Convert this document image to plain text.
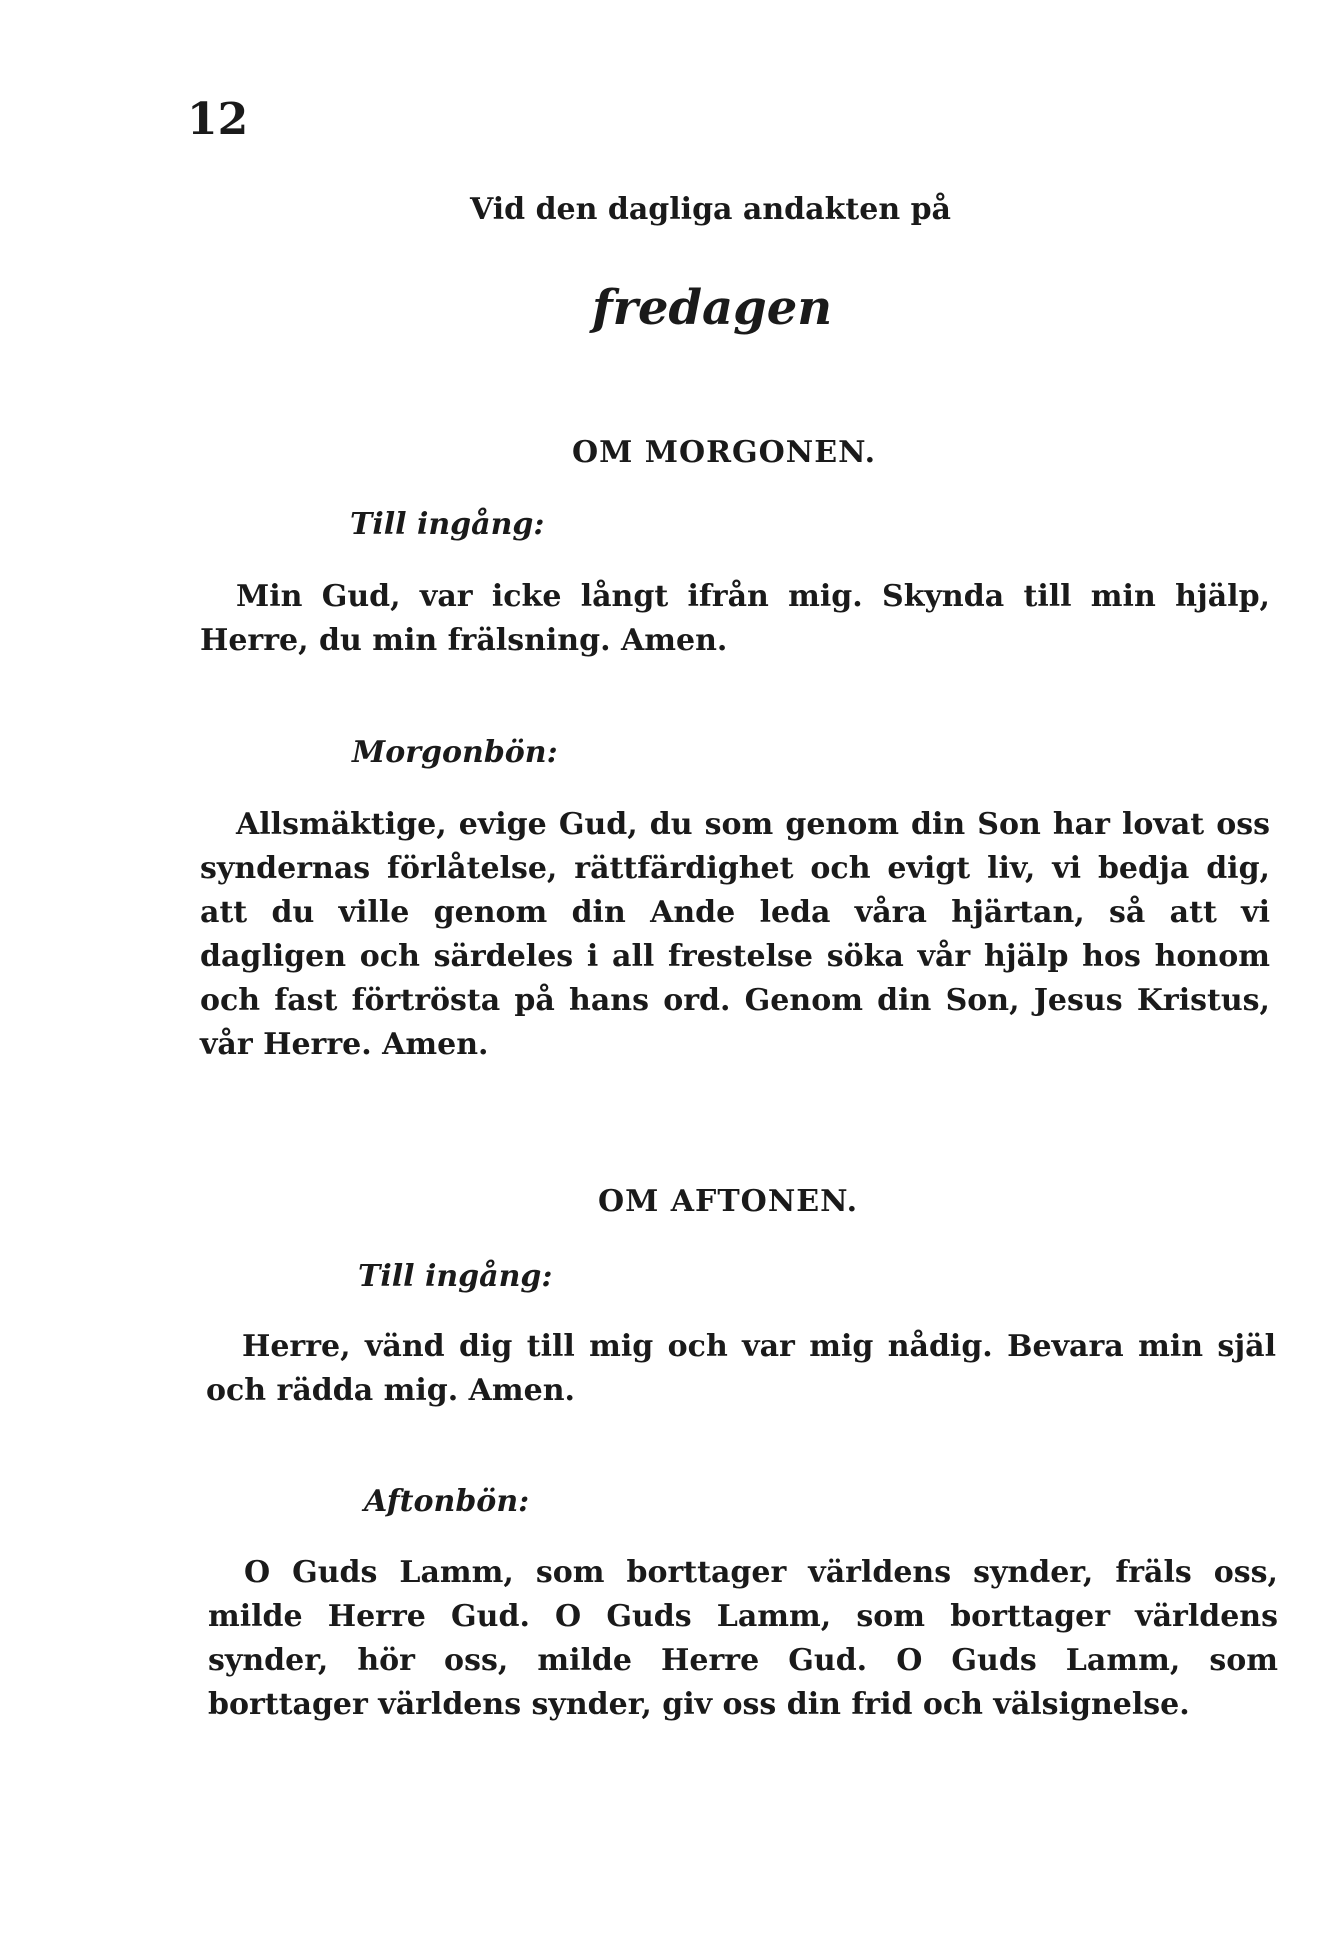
12
Vid den dagliga andakten på
fredagen
OM MORGONEN.
Till ingång:
Min Gud, var icke långt ifrån mig. Skynda till min hjälp, Herre, du min frälsning. Amen.
Morgonbön:
Allsmäktige, evige Gud, du som genom din Son har lovat oss syndernas förlåtelse, rättfärdighet och evigt liv, vi bedja dig, att du ville genom din Ande leda våra hjärtan, så att vi dagligen och särdeles i all frestelse söka vår hjälp hos honom och fast förtrösta på hans ord. Genom din Son, Jesus Kristus, vår Herre. Amen.
OM AFTONEN.
Till ingång:
Herre, vänd dig till mig och var mig nådig. Bevara min själ och rädda mig. Amen.
Aftonbön:
O Guds Lamm, som borttager världens synder, fräls oss, milde Herre Gud. O Guds Lamm, som borttager världens synder, hör oss, milde Herre Gud. O Guds Lamm, som borttager världens synder, giv oss din frid och välsignelse.
